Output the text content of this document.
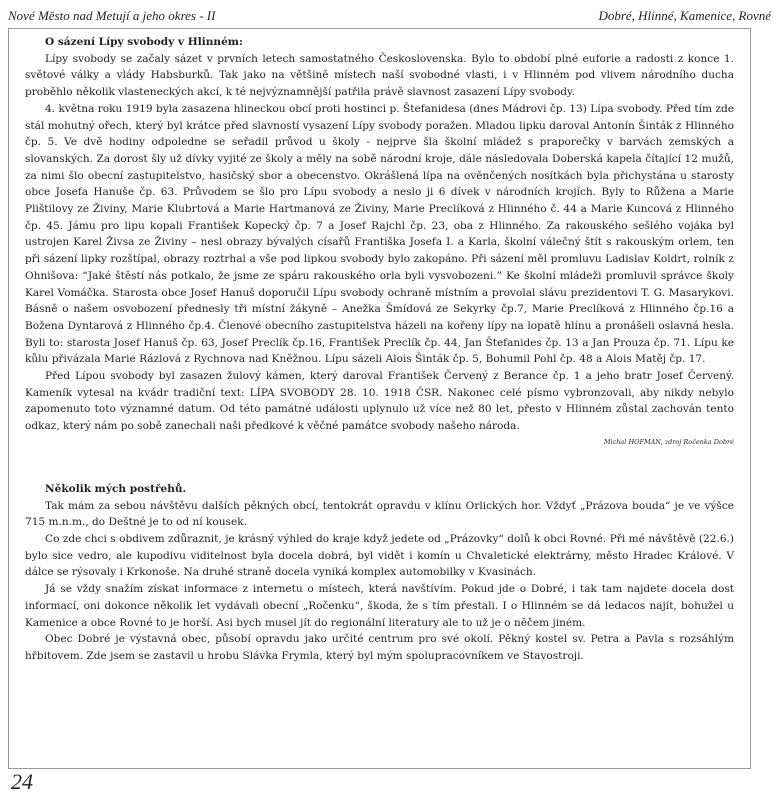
Nové Město nad Metují a jeho okres - II	Dobré, Hlinné, Kamenice, Rovné
O sázení Lípy svobody v Hlinném:

Lípy svobody se začaly sázet v prvních letech samostatného Československa. Bylo to období plné euforie a radosti z konce 1. světové války a vlády Habsburků. Tak jako na většině místech naší svobodné vlasti, i v Hlinném pod vlivem národního ducha proběhlo několik vlasteneckých akcí, k té nejvýznamnější patřila právě slavnost zasazení Lípy svobody.

4. května roku 1919 byla zasazena hlineckou obcí proti hostinci p. Štefanidesa (dnes Mádrovi čp. 13) Lípa svobody. Před tím zde stál mohutný ořech, který byl krátce před slavností vysazení Lípy svobody poražen. Mladou lipku daroval Antonín Šinták z Hlinného čp. 5. Ve dvě hodiny odpoledne se seřadil průvod u školy - nejprve šla školní mládež s praporečky v barvách zemských a slovanských. Za dorost šly už dívky vyjité ze školy a měly na sobě národní kroje, dále následovala Doberská kapela čítající 12 mužů, za nimi šlo obecní zastupitelstvo, hasičský sbor a obecenstvo. Okrášlená lípa na ověnčených nosítkách byla přichystána u starosty obce Josefa Hanuše čp. 63. Průvodem se šlo pro Lípu svobody a neslo ji 6 dívek v národních krojích. Byly to Růžena a Marie Plištilovy ze Živiny, Marie Klubrtová a Marie Hartmanová ze Živiny, Marie Preclíková z Hlinného č. 44 a Marie Kuncová z Hlinného čp. 45. Jámu pro lipu kopali František Kopecký čp. 7 a Josef Rajchl čp. 23, oba z Hlinného. Za rakouského sešlého vojáka byl ustrojen Karel Živsa ze Živiny – nesl obrazy bývalých císařů Františka Josefa I. a Karla, školní válečný štít s rakouským orlem, ten při sázení lipky rozštípal, obrazy roztrhal a vše pod lipkou svobody bylo zakopáno. Při sázení měl promluvu Ladislav Koldrt, rolník z Ohnišova: “Jaké štěstí nás potkalo, že jsme ze spáru rakouského orla byli vysvobozeni.” Ke školní mládeži promluvil správce školy Karel Vomáčka. Starosta obce Josef Hanuš doporučil Lípu svobody ochraně místním a provolal slávu prezidentovi T. G. Masarykovi. Básně o našem osvobození přednesly tři místní žákyně – Anežka Šmídová ze Sekyrky čp.7, Marie Preclíková z Hlinného čp.16 a Božena Dyntarová z Hlinného čp.4. Členové obecního zastupitelstva házeli na kořeny lípy na lopatě hlínu a pronášeli oslavná hesla. Byli to: starosta Josef Hanuš čp. 63, Josef Preclík čp.16, František Preclík čp. 44, Jan Štefanides čp. 13 a Jan Prouza čp. 71. Lípu ke kůlu přivázala Marie Rázlová z Rychnova nad Kněžnou. Lípu sázeli Alois Šinták čp. 5, Bohumil Pohl čp. 48 a Alois Matěj čp. 17.

Před Lípou svobody byl zasazen žulový kámen, který daroval František Červený z Berance čp. 1 a jeho bratr Josef Červený. Kameník vytesal na kvádr tradiční text: LÍPA SVOBODY 28. 10. 1918 ČSR. Nakonec celé písmo vybronzovali, aby nikdy nebylo zapomenuto toto významné datum. Od této památné události uplynulo už více než 80 let, přesto v Hlinném zůstal zachován tento odkaz, který nám po sobě zanechali naši předkové k věčné památce svobody našeho národa.

Michal HOFMAN, zdroj Ročenka Dobré
Několik mých postřehů.

Tak mám za sebou návštěvu dalších pěkných obcí, tentokrát opravdu v klínu Orlických hor. Vždyť „Prázova bouda“ je ve výšce 715 m.n.m., do Deštné je to od ní kousek.

Co zde chci s obdivem zdůraznit, je krásný výhled do kraje když jedete od „Prázovky“ dolů k obci Rovné. Při mé návštěvě (22.6.) bylo sice vedro, ale kupodivu viditelnost byla docela dobrá, byl vidět i komín u Chvaletické elektrárny, město Hradec Králové. V dálce se rýsovaly i Krkonoše. Na druhé straně docela vyniká komplex automobilky v Kvasinách.

Já se vždy snažím získat informace z internetu o místech, která navštívím. Pokud jde o Dobré, i tak tam najdete docela dost informací, oni dokonce několik let vydávali obecní „Ročenku“, škoda, že s tím přestali. I o Hlinném se dá ledacos najít, bohužel u Kamenice a obce Rovné to je horší. Asi bych musel jít do regionální literatury ale to už je o něčem jiném.

Obec Dobré je výstavná obec, působí opravdu jako určité centrum pro své okolí. Pěkný kostel sv. Petra a Pavla s rozsáhlým hřbitovem. Zde jsem se zastavil u hrobu Slávka Frymla, který byl mým spolupracovníkem ve Stavostroji.

24
